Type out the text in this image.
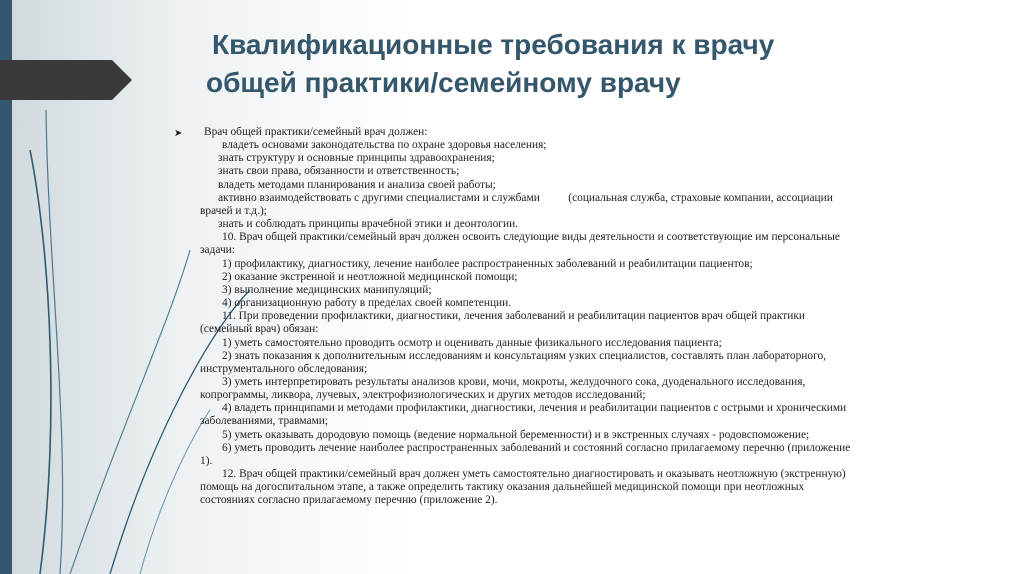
Квалификационные требования к врачу
общей практики/семейному врачу
➤	Врач общей практики/семейный врач должен:
владеть основами законодательства по охране здоровья населения;
знать структуру и основные принципы здравоохранения;
знать свои права, обязанности и ответственность;
владеть методами планирования и анализа своей работы;
активно взаимодействовать с другими специалистами и службами          (социальная служба, страховые компании, ассоциации
врачей и т.д.);
знать и соблюдать принципы врачебной этики и деонтологии.
10. Врач общей практики/семейный врач должен освоить следующие виды деятельности и соответствующие им персональные
задачи:
1) профилактику, диагностику, лечение наиболее распространенных заболеваний и реабилитации пациентов;
2) оказание экстренной и неотложной медицинской помощи;
3) выполнение медицинских манипуляций;
4) организационную работу в пределах своей компетенции.
11. При проведении профилактики, диагностики, лечения заболеваний и реабилитации пациентов врач общей практики
(семейный врач) обязан:
1) уметь самостоятельно проводить осмотр и оценивать данные физикального исследования пациента;
2) знать показания к дополнительным исследованиям и консультациям узких специалистов, составлять план лабораторного,
инструментального обследования;
3) уметь интерпретировать результаты анализов крови, мочи, мокроты, желудочного сока, дуоденального исследования,
копрограммы, ликвора, лучевых, электрофизиологических и других методов исследований;
4) владеть принципами и методами профилактики, диагностики, лечения и реабилитации пациентов с острыми и хроническими
заболеваниями, травмами;
5) уметь оказывать дородовую помощь (ведение нормальной беременности) и в экстренных случаях - родовспоможение;
6) уметь проводить лечение наиболее распространенных заболеваний и состояний согласно прилагаемому перечню (приложение
1).
12. Врач общей практики/семейный врач должен уметь самостоятельно диагностировать и оказывать неотложную (экстренную)
помощь на догоспитальном этапе, а также определить тактику оказания дальнейшей медицинской помощи при неотложных
состояниях согласно прилагаемому перечню (приложение 2).
